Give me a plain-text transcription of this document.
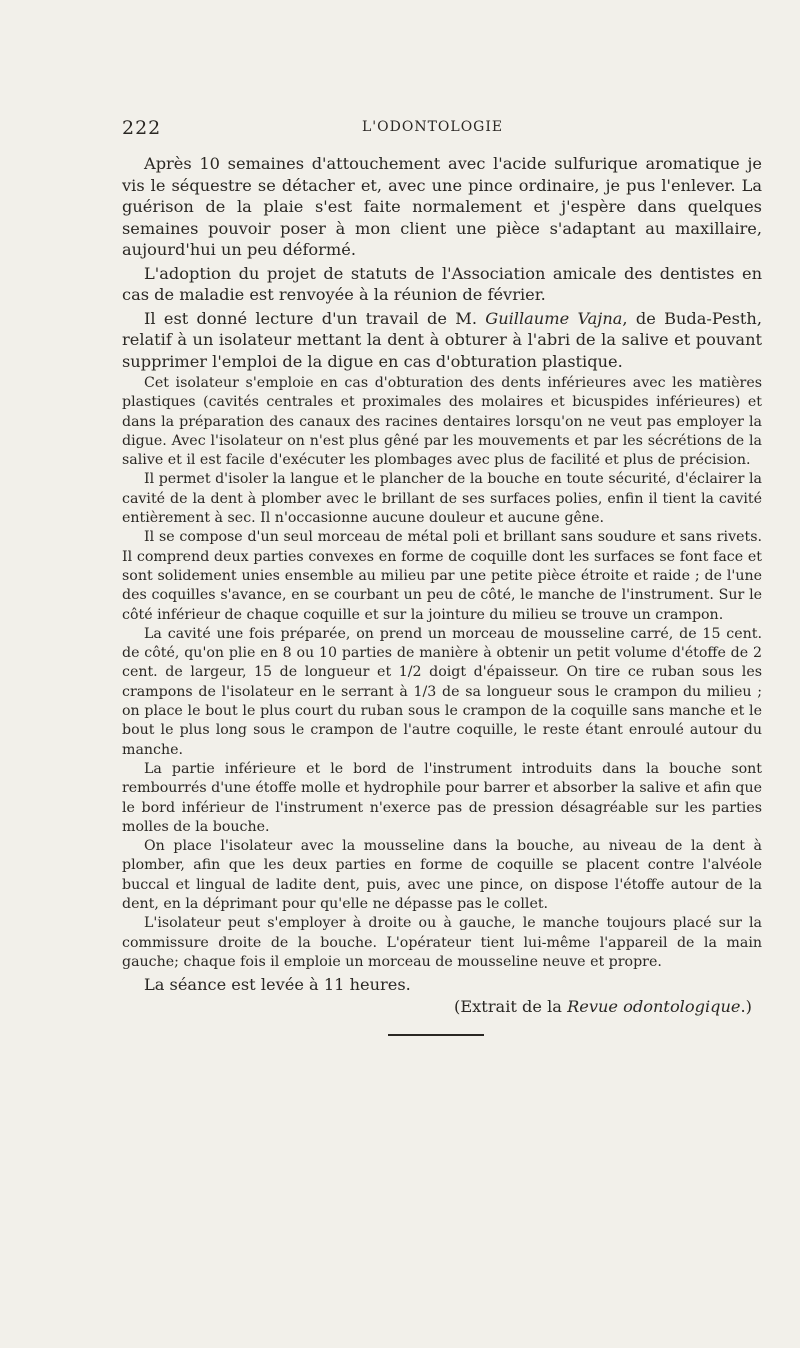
222	L'ODONTOLOGIE

Après 10 semaines d'attouchement avec l'acide sulfurique aromatique je vis le séquestre se détacher et, avec une pince ordinaire, je pus l'enlever. La guérison de la plaie s'est faite normalement et j'espère dans quelques semaines pouvoir poser à mon client une pièce s'adaptant au maxillaire, aujourd'hui un peu déformé.

L'adoption du projet de statuts de l'Association amicale des dentistes en cas de maladie est renvoyée à la réunion de février.

Il est donné lecture d'un travail de M. Guillaume Vajna, de Buda-Pesth, relatif à un isolateur mettant la dent à obturer à l'abri de la salive et pouvant supprimer l'emploi de la digue en cas d'obturation plastique.

Cet isolateur s'emploie en cas d'obturation des dents inférieures avec les matières plastiques (cavités centrales et proximales des molaires et bicuspides inférieures) et dans la préparation des canaux des racines dentaires lorsqu'on ne veut pas employer la digue. Avec l'isolateur on n'est plus gêné par les mouvements et par les sécrétions de la salive et il est facile d'exécuter les plombages avec plus de facilité et plus de précision.

Il permet d'isoler la langue et le plancher de la bouche en toute sécurité, d'éclairer la cavité de la dent à plomber avec le brillant de ses surfaces polies, enfin il tient la cavité entièrement à sec. Il n'occasionne aucune douleur et aucune gêne.

Il se compose d'un seul morceau de métal poli et brillant sans soudure et sans rivets. Il comprend deux parties convexes en forme de coquille dont les surfaces se font face et sont solidement unies ensemble au milieu par une petite pièce étroite et raide ; de l'une des coquilles s'avance, en se courbant un peu de côté, le manche de l'instrument. Sur le côté inférieur de chaque coquille et sur la jointure du milieu se trouve un crampon.

La cavité une fois préparée, on prend un morceau de mousseline carré, de 15 cent. de côté, qu'on plie en 8 ou 10 parties de manière à obtenir un petit volume d'étoffe de 2 cent. de largeur, 15 de longueur et 1/2 doigt d'épaisseur. On tire ce ruban sous les crampons de l'isolateur en le serrant à 1/3 de sa longueur sous le crampon du milieu ; on place le bout le plus court du ruban sous le crampon de la coquille sans manche et le bout le plus long sous le crampon de l'autre coquille, le reste étant enroulé autour du manche.

La partie inférieure et le bord de l'instrument introduits dans la bouche sont rembourrés d'une étoffe molle et hydrophile pour barrer et absorber la salive et afin que le bord inférieur de l'instrument n'exerce pas de pression désagréable sur les parties molles de la bouche.

On place l'isolateur avec la mousseline dans la bouche, au niveau de la dent à plomber, afin que les deux parties en forme de coquille se placent contre l'alvéole buccal et lingual de ladite dent, puis, avec une pince, on dispose l'étoffe autour de la dent, en la déprimant pour qu'elle ne dépasse pas le collet.

L'isolateur peut s'employer à droite ou à gauche, le manche toujours placé sur la commissure droite de la bouche. L'opérateur tient lui-même l'appareil de la main gauche; chaque fois il emploie un morceau de mousseline neuve et propre.

La séance est levée à 11 heures.

(Extrait de la Revue odontologique.)
